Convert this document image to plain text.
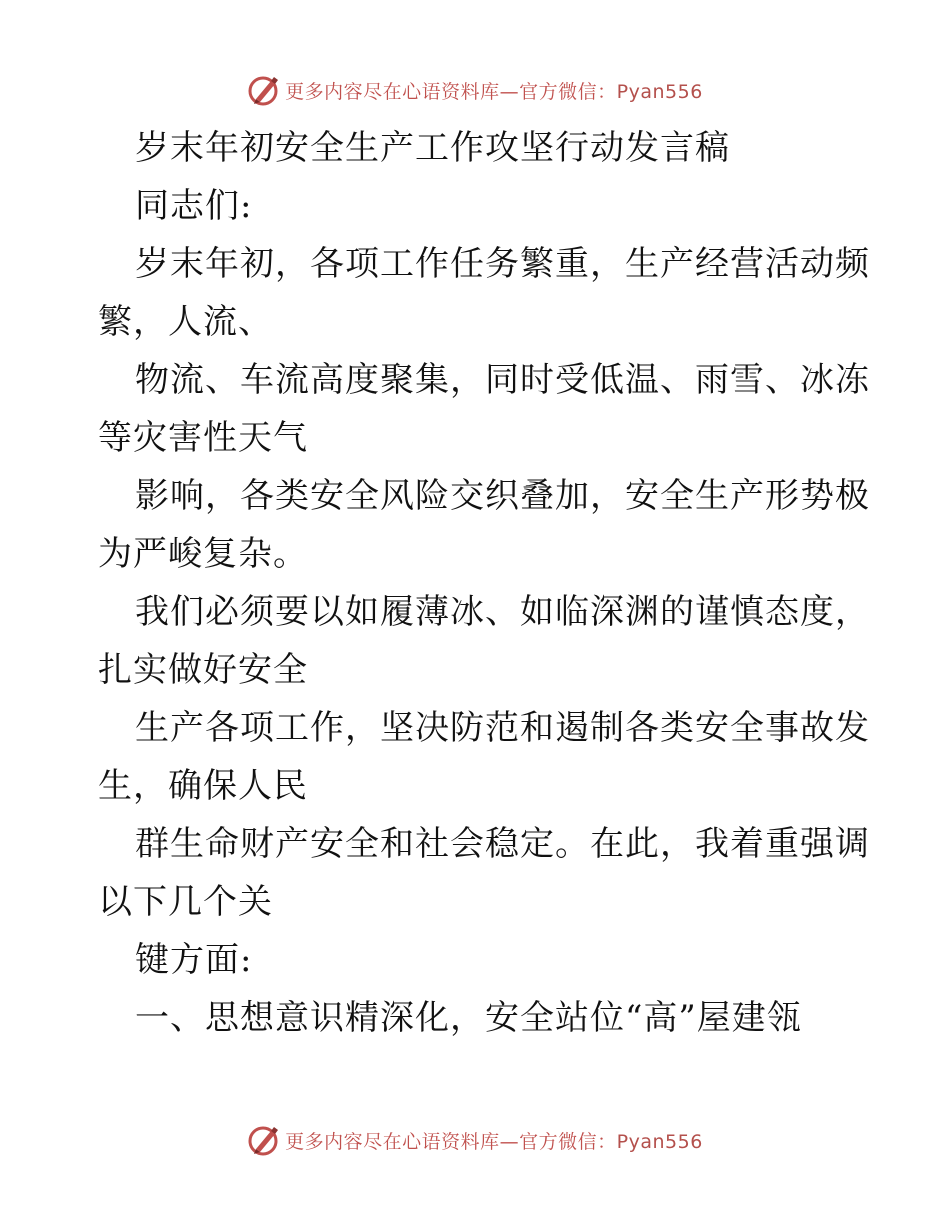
更多内容尽在心语资料库—官方微信：Pyan556
岁末年初安全生产工作攻坚行动发言稿
同志们:
岁末年初，各项工作任务繁重，生产经营活动频
繁，人流、
物流、车流高度聚集，同时受低温、雨雪、冰冻
等灾害性天气
影响，各类安全风险交织叠加，安全生产形势极
为严峻复杂。
我们必须要以如履薄冰、如临深渊的谨慎态度，
扎实做好安全
生产各项工作，坚决防范和遏制各类安全事故发
生，确保人民
群生命财产安全和社会稳定。在此，我着重强调
以下几个关
键方面:
一、思想意识精深化，安全站位“高”屋建瓴
更多内容尽在心语资料库—官方微信：Pyan556
